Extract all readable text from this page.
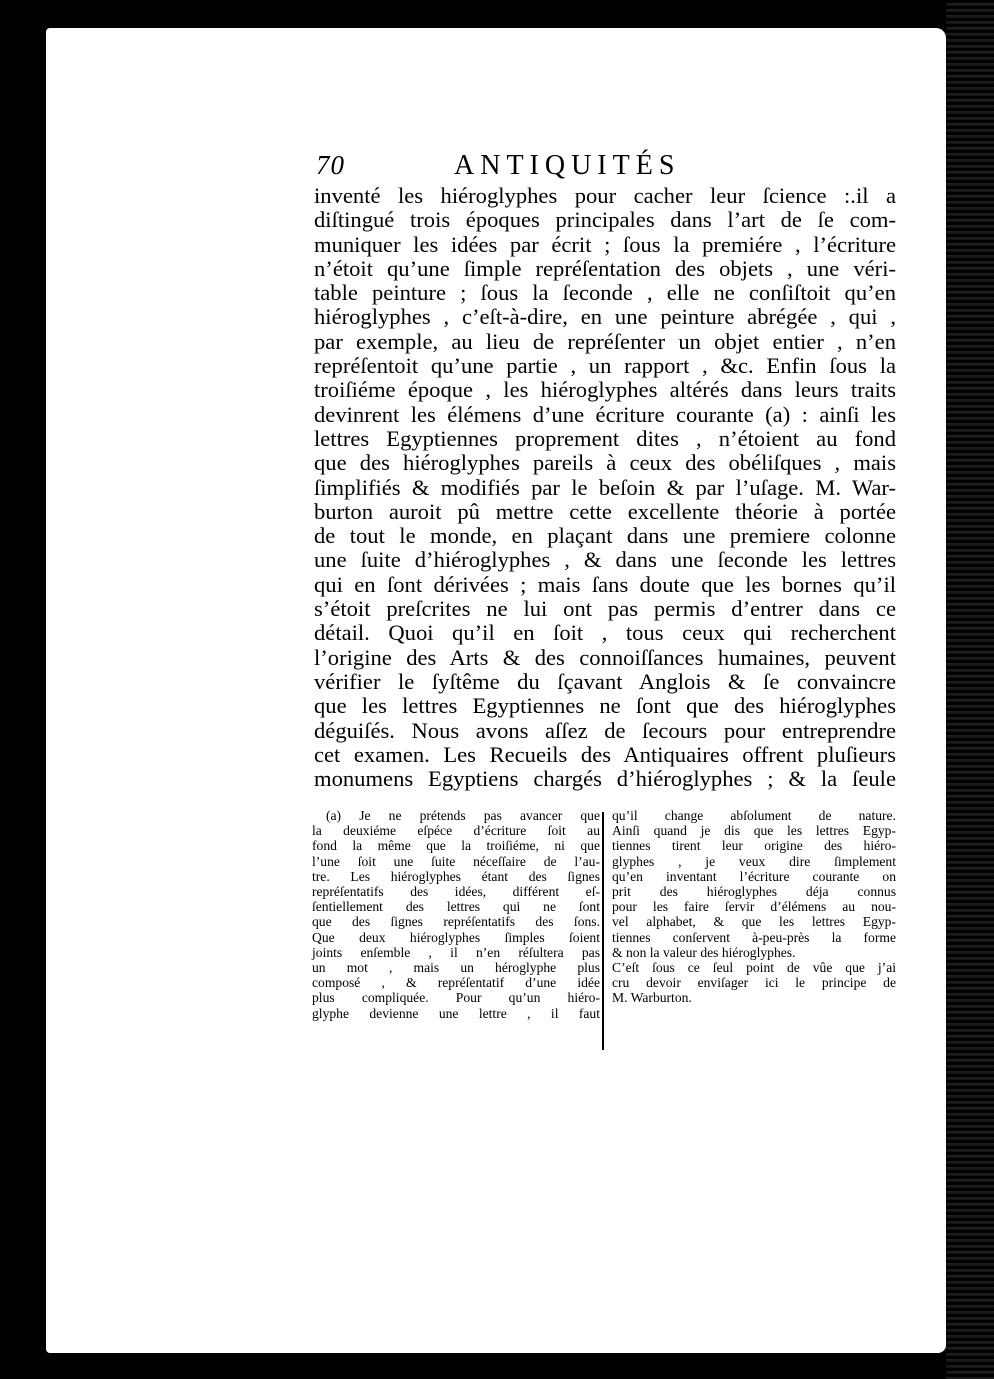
70	ANTIQUITÉS
inventé les hiéroglyphes pour cacher leur ſcience :.il a
diſtingué trois époques principales dans l’art de ſe com-
muniquer les idées par écrit ; ſous la premiére , l’écriture
n’étoit qu’une ſimple repréſentation des objets , une véri-
table peinture ; ſous la ſeconde , elle ne conſiſtoit qu’en
hiéroglyphes , c’eſt-à-dire, en une peinture abrégée , qui ,
par exemple, au lieu de repréſenter un objet entier , n’en
repréſentoit qu’une partie , un rapport , &c. Enfin ſous la
troiſiéme époque , les hiéroglyphes altérés dans leurs traits
devinrent les élémens d’une écriture courante (a) : ainſi les
lettres Egyptiennes proprement dites , n’étoient au fond
que des hiéroglyphes pareils à ceux des obéliſques , mais
ſimplifiés & modifiés par le beſoin & par l’uſage. M. War-
burton auroit pû mettre cette excellente théorie à portée
de tout le monde, en plaçant dans une premiere colonne
une ſuite d’hiéroglyphes , & dans une ſeconde les lettres
qui en ſont dérivées ; mais ſans doute que les bornes qu’il
s’étoit preſcrites ne lui ont pas permis d’entrer dans ce
détail. Quoi qu’il en ſoit , tous ceux qui recherchent
l’origine des Arts & des connoiſſances humaines, peuvent
vérifier le ſyſtême du ſçavant Anglois & ſe convaincre
que les lettres Egyptiennes ne ſont que des hiéroglyphes
déguiſés. Nous avons aſſez de ſecours pour entreprendre
cet examen. Les Recueils des Antiquaires offrent pluſieurs
monumens Egyptiens chargés d’hiéroglyphes ; & la ſeule
(a) Je ne prétends pas avancer que
la deuxiéme eſpéce d’écriture ſoit au
fond la même que la troiſiéme, ni que
l’une ſoit une ſuite néceſſaire de l’au-
tre. Les hiéroglyphes étant des ſignes
repréſentatifs des idées, différent eſ-
ſentiellement des lettres qui ne ſont
que des ſignes repréſentatifs des ſons.
Que deux hiéroglyphes ſimples ſoient
joints enſemble , il n’en réſultera pas
un mot , mais un héroglyphe plus
composé , & repréſentatif d’une idée
plus compliquée. Pour qu’un hiéro-
glyphe devienne une lettre , il faut
qu’il change abſolument de nature.
Ainſi quand je dis que les lettres Egyp-
tiennes tirent leur origine des hiéro-
glyphes , je veux dire ſimplement
qu’en inventant l’écriture courante on
prit des hiéroglyphes déja connus
pour les faire ſervir d’élémens au nou-
vel alphabet, & que les lettres Egyp-
tiennes conſervent à-peu-près la forme
& non la valeur des hiéroglyphes.
C’eſt ſous ce ſeul point de vûe que j’ai
cru devoir enviſager ici le principe de
M. Warburton.
